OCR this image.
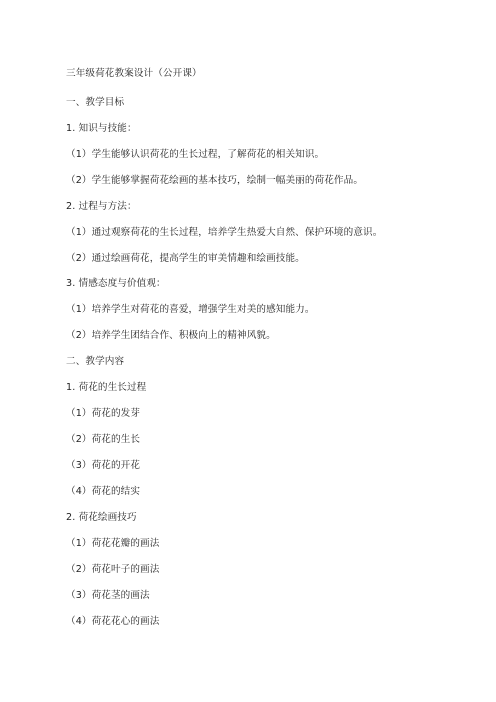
三年级荷花教案设计（公开课）
一、教学目标
1. 知识与技能：
（1）学生能够认识荷花的生长过程，了解荷花的相关知识。
（2）学生能够掌握荷花绘画的基本技巧，绘制一幅美丽的荷花作品。
2. 过程与方法：
（1）通过观察荷花的生长过程，培养学生热爱大自然、保护环境的意识。
（2）通过绘画荷花，提高学生的审美情趣和绘画技能。
3. 情感态度与价值观：
（1）培养学生对荷花的喜爱，增强学生对美的感知能力。
（2）培养学生团结合作、积极向上的精神风貌。
二、教学内容
1. 荷花的生长过程
（1）荷花的发芽
（2）荷花的生长
（3）荷花的开花
（4）荷花的结实
2. 荷花绘画技巧
（1）荷花花瓣的画法
（2）荷花叶子的画法
（3）荷花茎的画法
（4）荷花花心的画法
